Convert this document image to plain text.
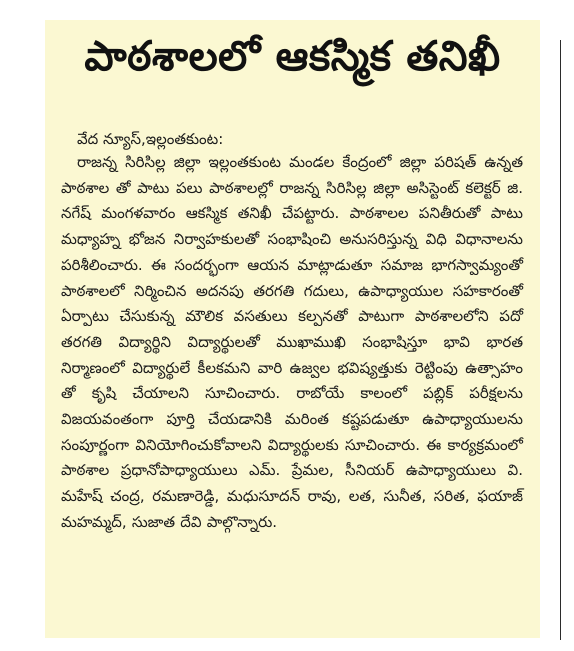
పాఠశాలలో ఆకస్మిక తనిఖీ
వేద న్యూస్,ఇల్లంతకుంట:
రాజన్న సిరిసిల్ల జిల్లా ఇల్లంతకుంట మండల కేంద్రంలో జిల్లా పరిషత్ ఉన్నత పాఠశాల తో పాటు పలు పాఠశాలల్లో రాజన్న సిరిసిల్ల జిల్లా అసిస్టెంట్ కలెక్టర్ జి. నగేష్ మంగళవారం ఆకస్మిక తనిఖీ చేపట్టారు. పాఠశాలల పనితీరుతో పాటు మధ్యాహ్న భోజన నిర్వాహకులతో సంభాషించి అనుసరిస్తున్న విధి విధానాలను పరిశీలించారు. ఈ సందర్భంగా ఆయన మాట్లాడుతూ సమాజ భాగస్వామ్యంతో పాఠశాలలో నిర్మించిన అదనపు తరగతి గదులు, ఉపాధ్యాయుల సహకారంతో ఏర్పాటు చేసుకున్న మౌలిక వసతులు కల్పనతో పాటుగా పాఠశాలలోని పదో తరగతి విద్యార్థిని విద్యార్థులతో ముఖాముఖి సంభాషిస్తూ భావి భారత నిర్మాణంలో విద్యార్థులే కీలకమని వారి ఉజ్వల భవిష్యత్తుకు రెట్టింపు ఉత్సాహం తో కృషి చేయాలని సూచించారు. రాబోయే కాలంలో పబ్లిక్ పరీక్షలను విజయవంతంగా పూర్తి చేయడానికి మరింత కష్టపడుతూ ఉపాధ్యాయులను సంపూర్ణంగా వినియోగించుకోవాలని విద్యార్థులకు సూచించారు. ఈ కార్యక్రమంలో పాఠశాల ప్రధానోపాధ్యాయులు ఎమ్. ప్రేమల, సీనియర్ ఉపాధ్యాయులు వి. మహేష్ చంద్ర, రమణారెడ్డి, మధుసూదన్ రావు, లత, సునీత, సరిత, ఫయాజ్ మహమ్మద్, సుజాత దేవి పాల్గొన్నారు.
